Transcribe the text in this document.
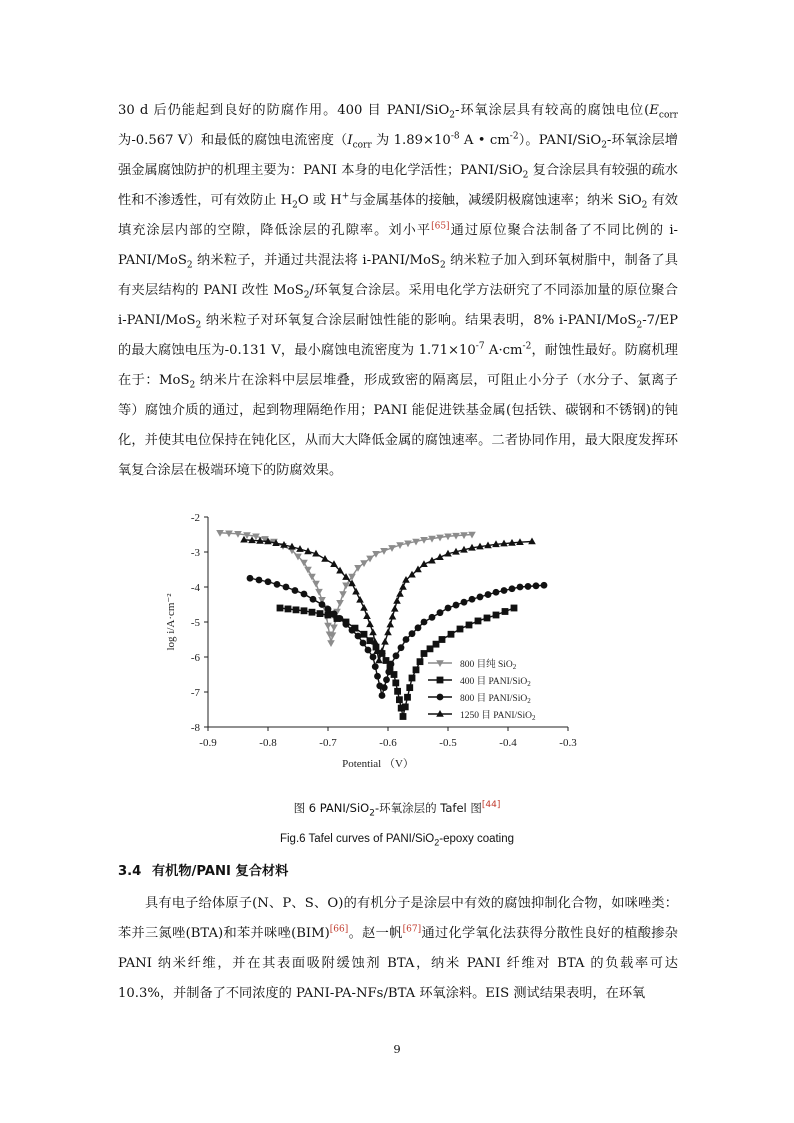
30 d 后仍能起到良好的防腐作用。400 目 PANI/SiO$_2$-环氧涂层具有较高的腐蚀电位($E_{corr}$ 为-0.567 V）和最低的腐蚀电流密度（$I_{corr}$ 为 $1.89\times 10^{-8}$ A • $cm^{-2}$）。PANI/SiO$_2$-环氧涂层增强金属腐蚀防护的机理主要为：PANI 本身的电化学活性；PANI/SiO$_2$ 复合涂层具有较强的疏水性和不渗透性，可有效防止 $H_2O$ 或 H+与金属基体的接触，减缓阴极腐蚀速率；纳米 SiO$_2$ 有效填充涂层内部的空隙，降低涂层的孔隙率。刘小平[65]通过原位聚合法制备了不同比例的 i-PANI/MoS$_2$ 纳米粒子，并通过共混法将 i-PANI/MoS$_2$ 纳米粒子加入到环氧树脂中，制备了具有夹层结构的 PANI 改性 MoS$_2$/环氧复合涂层。采用电化学方法研究了不同添加量的原位聚合 i-PANI/MoS$_2$ 纳米粒子对环氧复合涂层耐蚀性能的影响。结果表明，8% i-PANI/MoS$_2$-7/EP 的最大腐蚀电压为-0.131 V，最小腐蚀电流密度为 $1.71\times 10^{-7}$ $A\cdot cm^{-2}$，耐蚀性最好。防腐机理在于：MoS$_2$ 纳米片在涂料中层层堆叠，形成致密的隔离层，可阻止小分子（水分子、氯离子等）腐蚀介质的通过，起到物理隔绝作用；PANI 能促进铁基金属(包括铁、碳钢和不锈钢)的钝化，并使其电位保持在钝化区，从而大大降低金属的腐蚀速率。二者协同作用，最大限度发挥环氧复合涂层在极端环境下的防腐效果。

-0.9	-0.8	-0.7	-0.6	-0.5	-0.4	-0.3
-2
-3
-4
-5
-6
-7
-8
Potential （V）
log i/A·cm⁻²
800 目纯 SiO$_2$
400 目 PANI/SiO$_2$
800 目 PANI/SiO$_2$
1250 目 PANI/SiO$_2$
图 6 PANI/SiO$_2$-环氧涂层的 Tafel 图[44]
Fig.6 Tafel curves of PANI/SiO$_2$-epoxy coating
3.4 有机物/PANI 复合材料

具有电子给体原子(N、P、S、O)的有机分子是涂层中有效的腐蚀抑制化合物，如咪唑类：苯并三氮唑(BTA)和苯并咪唑(BIM)[66]。赵一帆[67]通过化学氧化法获得分散性良好的植酸掺杂 PANI 纳米纤维，并在其表面吸附缓蚀剂 BTA，纳米 PANI 纤维对 BTA 的负载率可达 10.3%，并制备了不同浓度的 PANI-PA-NFs/BTA 环氧涂料。EIS 测试结果表明，在环氧

9
